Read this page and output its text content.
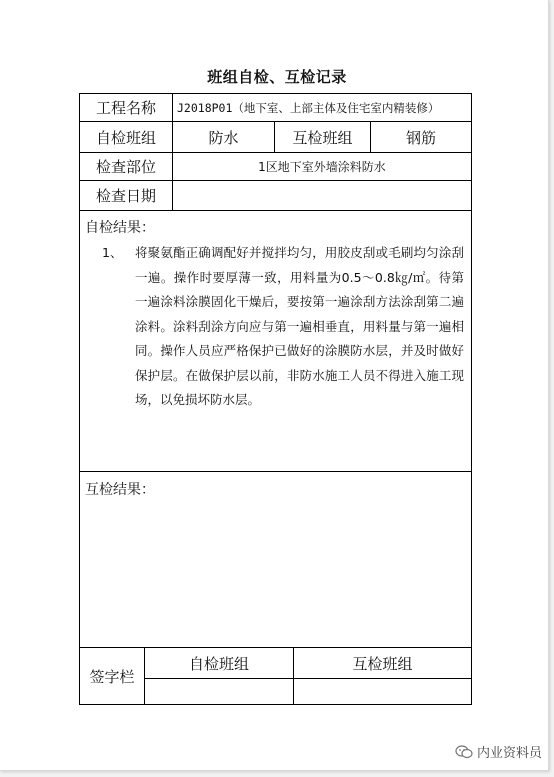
班组自检、互检记录
工程名称	J2018P01（地下室、上部主体及住宅室内精装修）
自检班组	防水	互检班组	钢筋
检查部位	1区地下室外墙涂料防水
检查日期
自检结果：
1、	将聚氨酯正确调配好并搅拌均匀，用胶皮刮或毛刷均匀涂刮一遍。操作时要厚薄一致，用料量为0.5～0.8㎏/㎡。待第一遍涂料涂膜固化干燥后，要按第一遍涂刮方法涂刮第二遍涂料。涂料刮涂方向应与第一遍相垂直，用料量与第一遍相同。操作人员应严格保护已做好的涂膜防水层，并及时做好保护层。在做保护层以前，非防水施工人员不得进入施工现场，以免损坏防水层。
互检结果：
签字栏
自检班组	互检班组
内业资料员
